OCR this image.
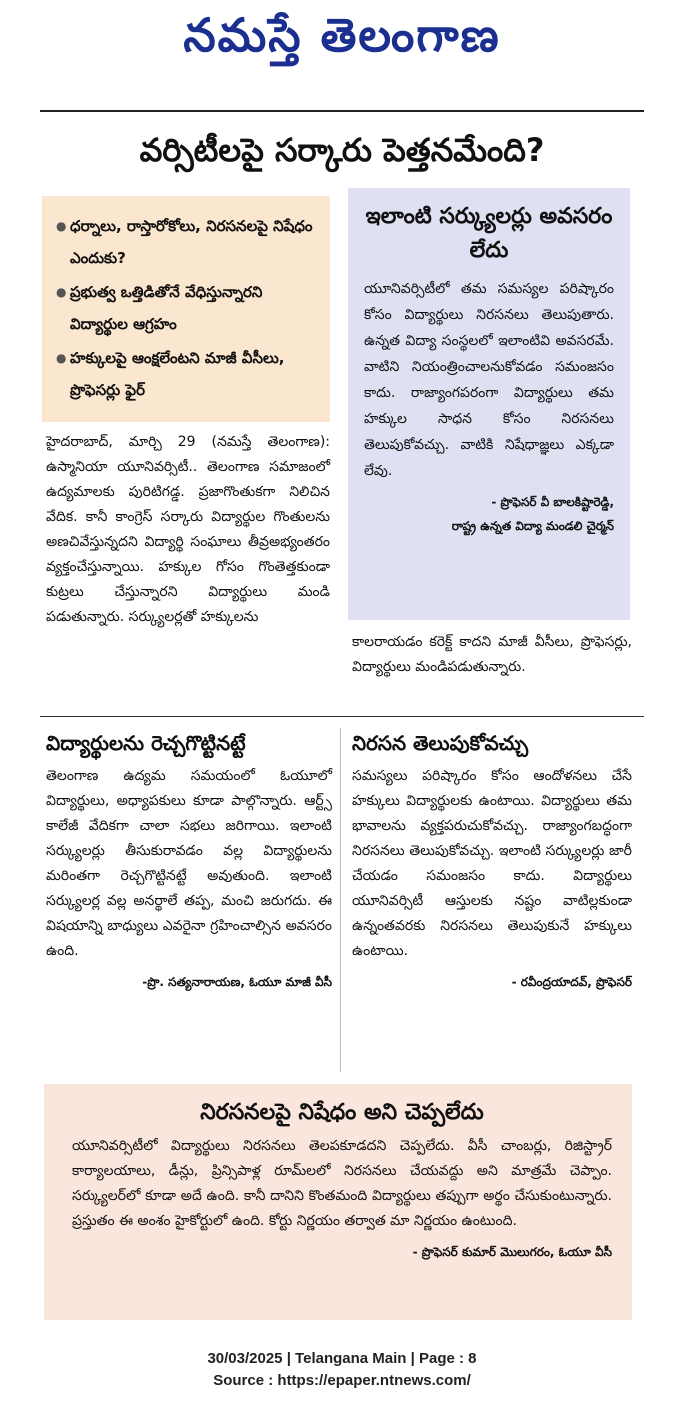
నమస్తే తెలంగాణ
వర్సిటీలపై సర్కారు పెత్తనమేంది?
● ధర్నాలు, రాస్తారోకోలు, నిరసనలపై నిషేధం ఎందుకు?
● ప్రభుత్వ ఒత్తిడితోనే వేధిస్తున్నారని విద్యార్థుల ఆగ్రహం
● హక్కులపై ఆంక్షలేంటని మాజీ వీసీలు, ప్రొఫెసర్లు ఫైర్
ఇలాంటి సర్క్యులర్లు అవసరం లేదు

యూనివర్సిటీలో తమ సమస్యల పరిష్కారం కోసం విద్యార్థులు నిరసనలు తెలుపుతారు. ఉన్నత విద్యా సంస్థలలో ఇలాంటివి అవసరమే. వాటిని నియంత్రించాలనుకోవడం సమంజసం కాదు. రాజ్యాంగపరంగా విద్యార్థులు తమ హక్కుల సాధన కోసం నిరసనలు తెలుపుకోవచ్చు. వాటికి నిషేధాజ్ఞలు ఎక్కడా లేవు.

- ప్రొఫెసర్ వీ బాలకిష్టారెడ్డి,
రాష్ట్ర ఉన్నత విద్యా మండలి చైర్మన్
హైదరాబాద్, మార్చి 29 (నమస్తే తెలంగాణ): ఉస్మానియా యూనివర్సిటీ.. తెలంగాణ సమాజంలో ఉద్యమాలకు పురిటిగడ్డ. ప్రజాగొంతుకగా నిలిచిన వేదిక. కానీ కాంగ్రెస్ సర్కారు విద్యార్థుల గొంతులను అణచివేస్తున్నదని విద్యార్థి సంఘాలు తీవ్రఅభ్యంతరం వ్యక్తంచేస్తున్నాయి. హక్కుల గోసం గొంతెత్తకుండా కుట్రలు చేస్తున్నారని విద్యార్థులు మండి పడుతున్నారు. సర్క్యులర్లతో హక్కులను
కాలరాయడం కరెక్ట్ కాదని మాజీ వీసీలు, ప్రొఫెసర్లు, విద్యార్థులు మండిపడుతున్నారు.
విద్యార్థులను రెచ్చగొట్టినట్టే
తెలంగాణ ఉద్యమ సమయంలో ఓయూలో విద్యార్థులు, అధ్యాపకులు కూడా పాల్గొన్నారు. ఆర్ట్స్ కాలేజీ వేదికగా చాలా సభలు జరిగాయి. ఇలాంటి సర్క్యులర్లు తీసుకురావడం వల్ల విద్యార్థులను మరింతగా రెచ్చగొట్టినట్టే అవుతుంది. ఇలాంటి సర్క్యులర్ల వల్ల అనర్థాలే తప్ప, మంచి జరుగదు. ఈ విషయాన్ని బాధ్యులు ఎవరైనా గ్రహించాల్సిన అవసరం ఉంది.
-ప్రొ. సత్యనారాయణ, ఓయూ మాజీ వీసీ
నిరసన తెలుపుకోవచ్చు
సమస్యలు పరిష్కారం కోసం ఆందోళనలు చేసే హక్కులు విద్యార్థులకు ఉంటాయి. విద్యార్థులు తమ భావాలను వ్యక్తపరుచుకోవచ్చు. రాజ్యాంగబద్ధంగా నిరసనలు తెలుపుకోవచ్చు. ఇలాంటి సర్క్యులర్లు జారీ చేయడం సమంజసం కాదు. విద్యార్థులు యూనివర్సిటీ ఆస్తులకు నష్టం వాటిల్లకుండా ఉన్నంతవరకు నిరసనలు తెలుపుకునే హక్కులు ఉంటాయి.
- రవీంద్రయాదవ్, ప్రొఫెసర్
నిరసనలపై నిషేధం అని చెప్పలేదు

యూనివర్సిటీలో విద్యార్థులు నిరసనలు తెలపకూడదని చెప్పలేదు. వీసీ చాంబర్లు, రిజిస్ట్రార్ కార్యాలయాలు, డీన్లు, ప్రిన్సిపాళ్ల రూమ్‌లలో నిరసనలు చేయవద్దు అని మాత్రమే చెప్పాం. సర్క్యులర్‌లో కూడా అదే ఉంది. కానీ దానిని కొంతమంది విద్యార్థులు తప్పుగా అర్థం చేసుకుంటున్నారు. ప్రస్తుతం ఈ అంశం హైకోర్టులో ఉంది. కోర్టు నిర్ణయం తర్వాత మా నిర్ణయం ఉంటుంది.

- ప్రొఫెసర్ కుమార్ మొలుగరం, ఓయూ వీసీ
30/03/2025 | Telangana Main | Page : 8
Source : https://epaper.ntnews.com/
